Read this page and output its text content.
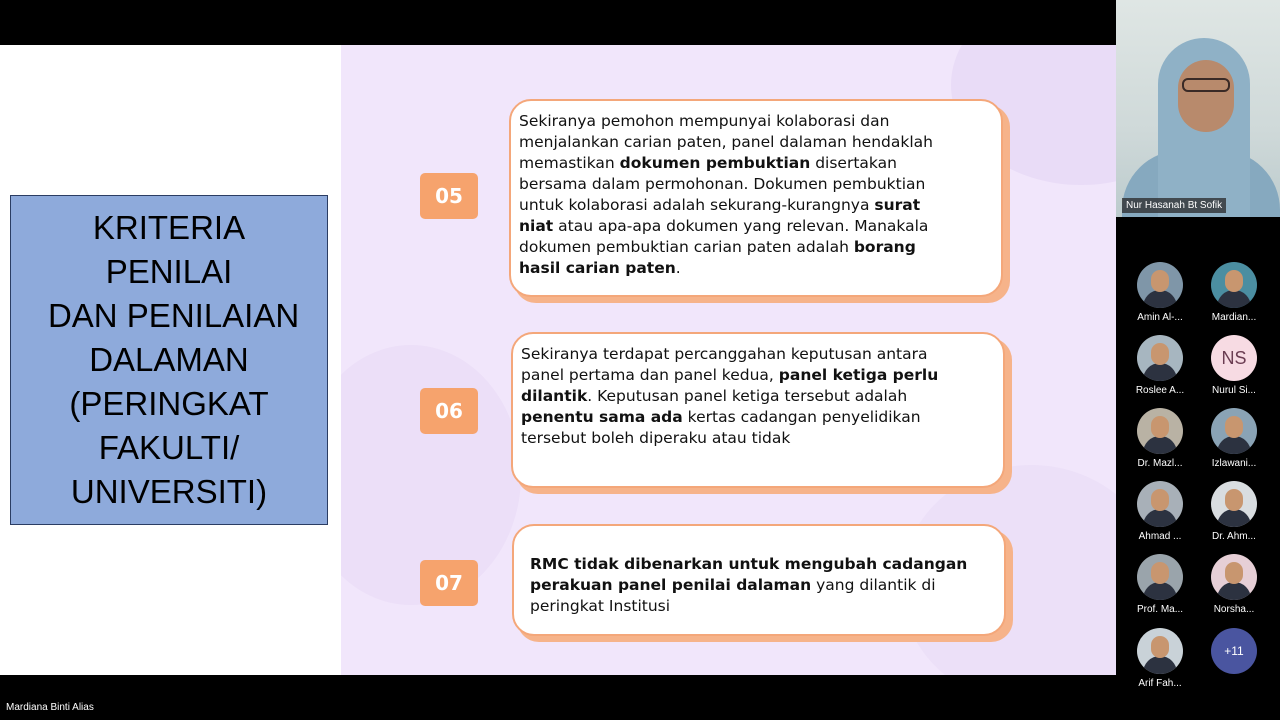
KRITERIA
PENILAI
DAN PENILAIAN
DALAMAN
(PERINGKAT
FAKULTI/
UNIVERSITI)
05

Sekiranya pemohon mempunyai kolaborasi dan

menjalankan carian paten, panel dalaman hendaklah

memastikan dokumen pembuktian disertakan

bersama dalam permohonan. Dokumen pembuktian

untuk kolaborasi adalah sekurang-kurangnya surat

niat atau apa-apa dokumen yang relevan. Manakala

dokumen pembuktian carian paten adalah borang

hasil carian paten.

06

Sekiranya terdapat percanggahan keputusan antara

panel pertama dan panel kedua, panel ketiga perlu

dilantik. Keputusan panel ketiga tersebut adalah

penentu sama ada kertas cadangan penyelidikan

tersebut boleh diperaku atau tidak

07

RMC tidak dibenarkan untuk mengubah cadangan

perakuan panel penilai dalaman yang dilantik di

peringkat Institusi

Nur Hasanah Bt Sofik
Amin Al-...	Mardian...
Roslee A...
NS
Nurul Si...
Dr. Mazl...	Izlawani...
Ahmad ...	Dr. Ahm...
Prof. Ma...	Norsha...
Arif Fah...
+11
Mardiana Binti Alias
